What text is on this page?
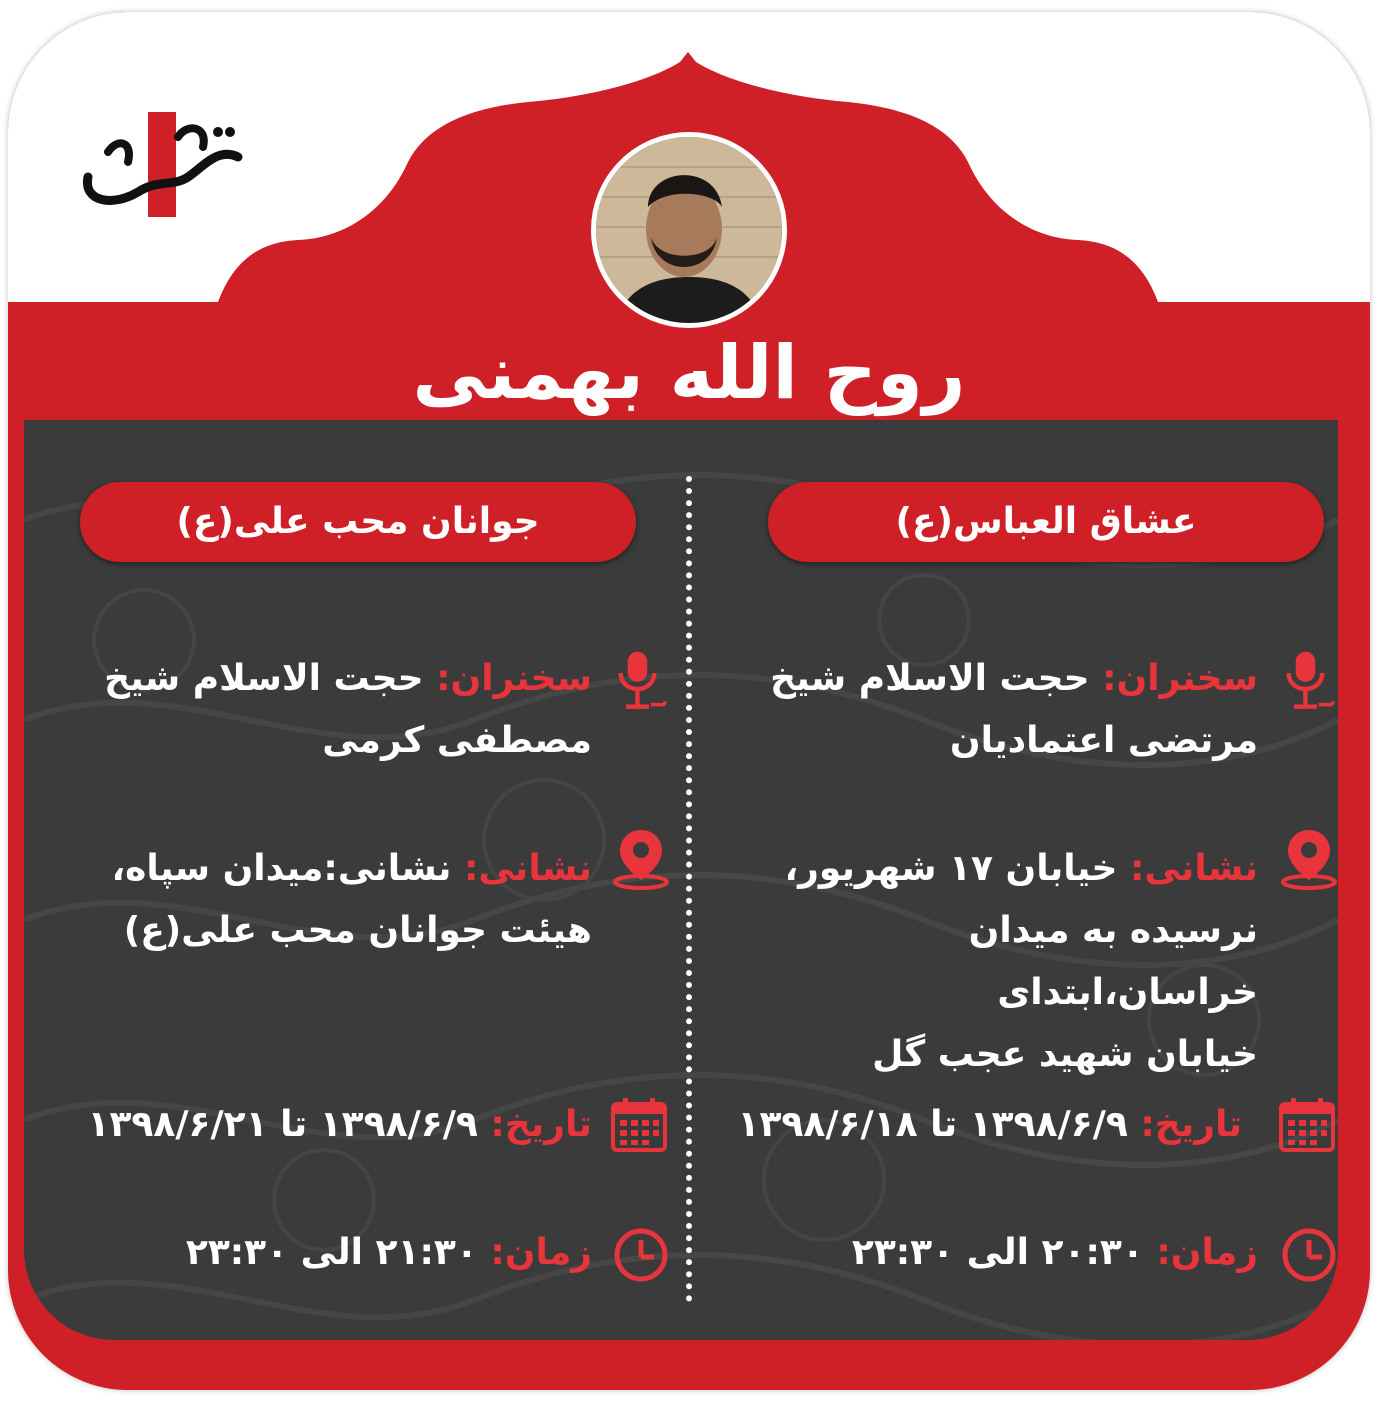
روح الله بهمنی
عشاق العباس(ع)
سخنران: حجت الاسلام شیخ
مرتضی اعتمادیان
نشانی: خیابان ۱۷ شهریور،
نرسیده به میدان خراسان،ابتدای
خیابان شهید عجب گل
تاریخ: ۱۳۹۸/۶/۹ تا ۱۳۹۸/۶/۱۸
زمان: ۲۰:۳۰ الی ۲۳:۳۰
جوانان محب علی(ع)
سخنران: حجت الاسلام شیخ
مصطفی کرمی
نشانی: نشانی:میدان سپاه،
هیئت جوانان محب علی(ع)
تاریخ: ۱۳۹۸/۶/۹ تا ۱۳۹۸/۶/۲۱
زمان: ۲۱:۳۰ الی ۲۳:۳۰
